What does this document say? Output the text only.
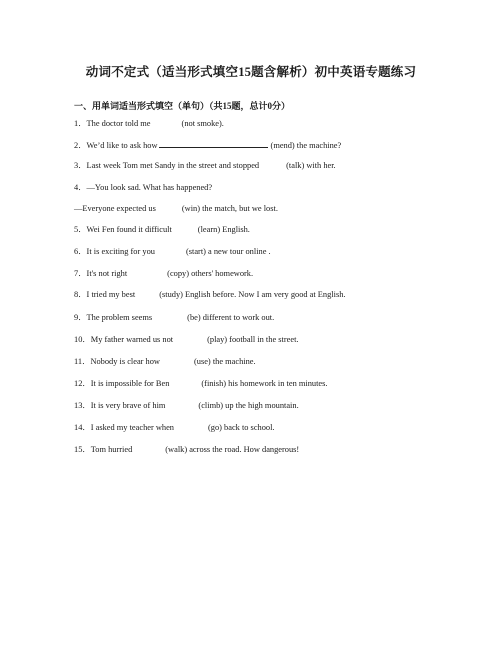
动词不定式（适当形式填空15题含解析）初中英语专题练习
一、用单词适当形式填空（单句）（共15题，总计0分）
1．The doctor told me	(not smoke).
2．We’d like to ask how	(mend) the machine?
3．Last week Tom met Sandy in the street and stopped	(talk) with her.
4．—You look sad. What has happened?
—Everyone expected us	(win) the match, but we lost.
5．Wei Fen found it difficult	(learn) English.
6．It is exciting for you	(start) a new tour online .
7．It's not right	(copy) others' homework.
8．I tried my best	(study) English before. Now I am very good at English.
9．The problem seems	(be) different to work out.
10．My father warned us not	(play) football in the street.
11．Nobody is clear how	(use) the machine.
12．It is impossible for Ben	(finish) his homework in ten minutes.
13．It is very brave of him	(climb) up the high mountain.
14．I asked my teacher when	(go) back to school.
15．Tom hurried	(walk) across the road. How dangerous!
